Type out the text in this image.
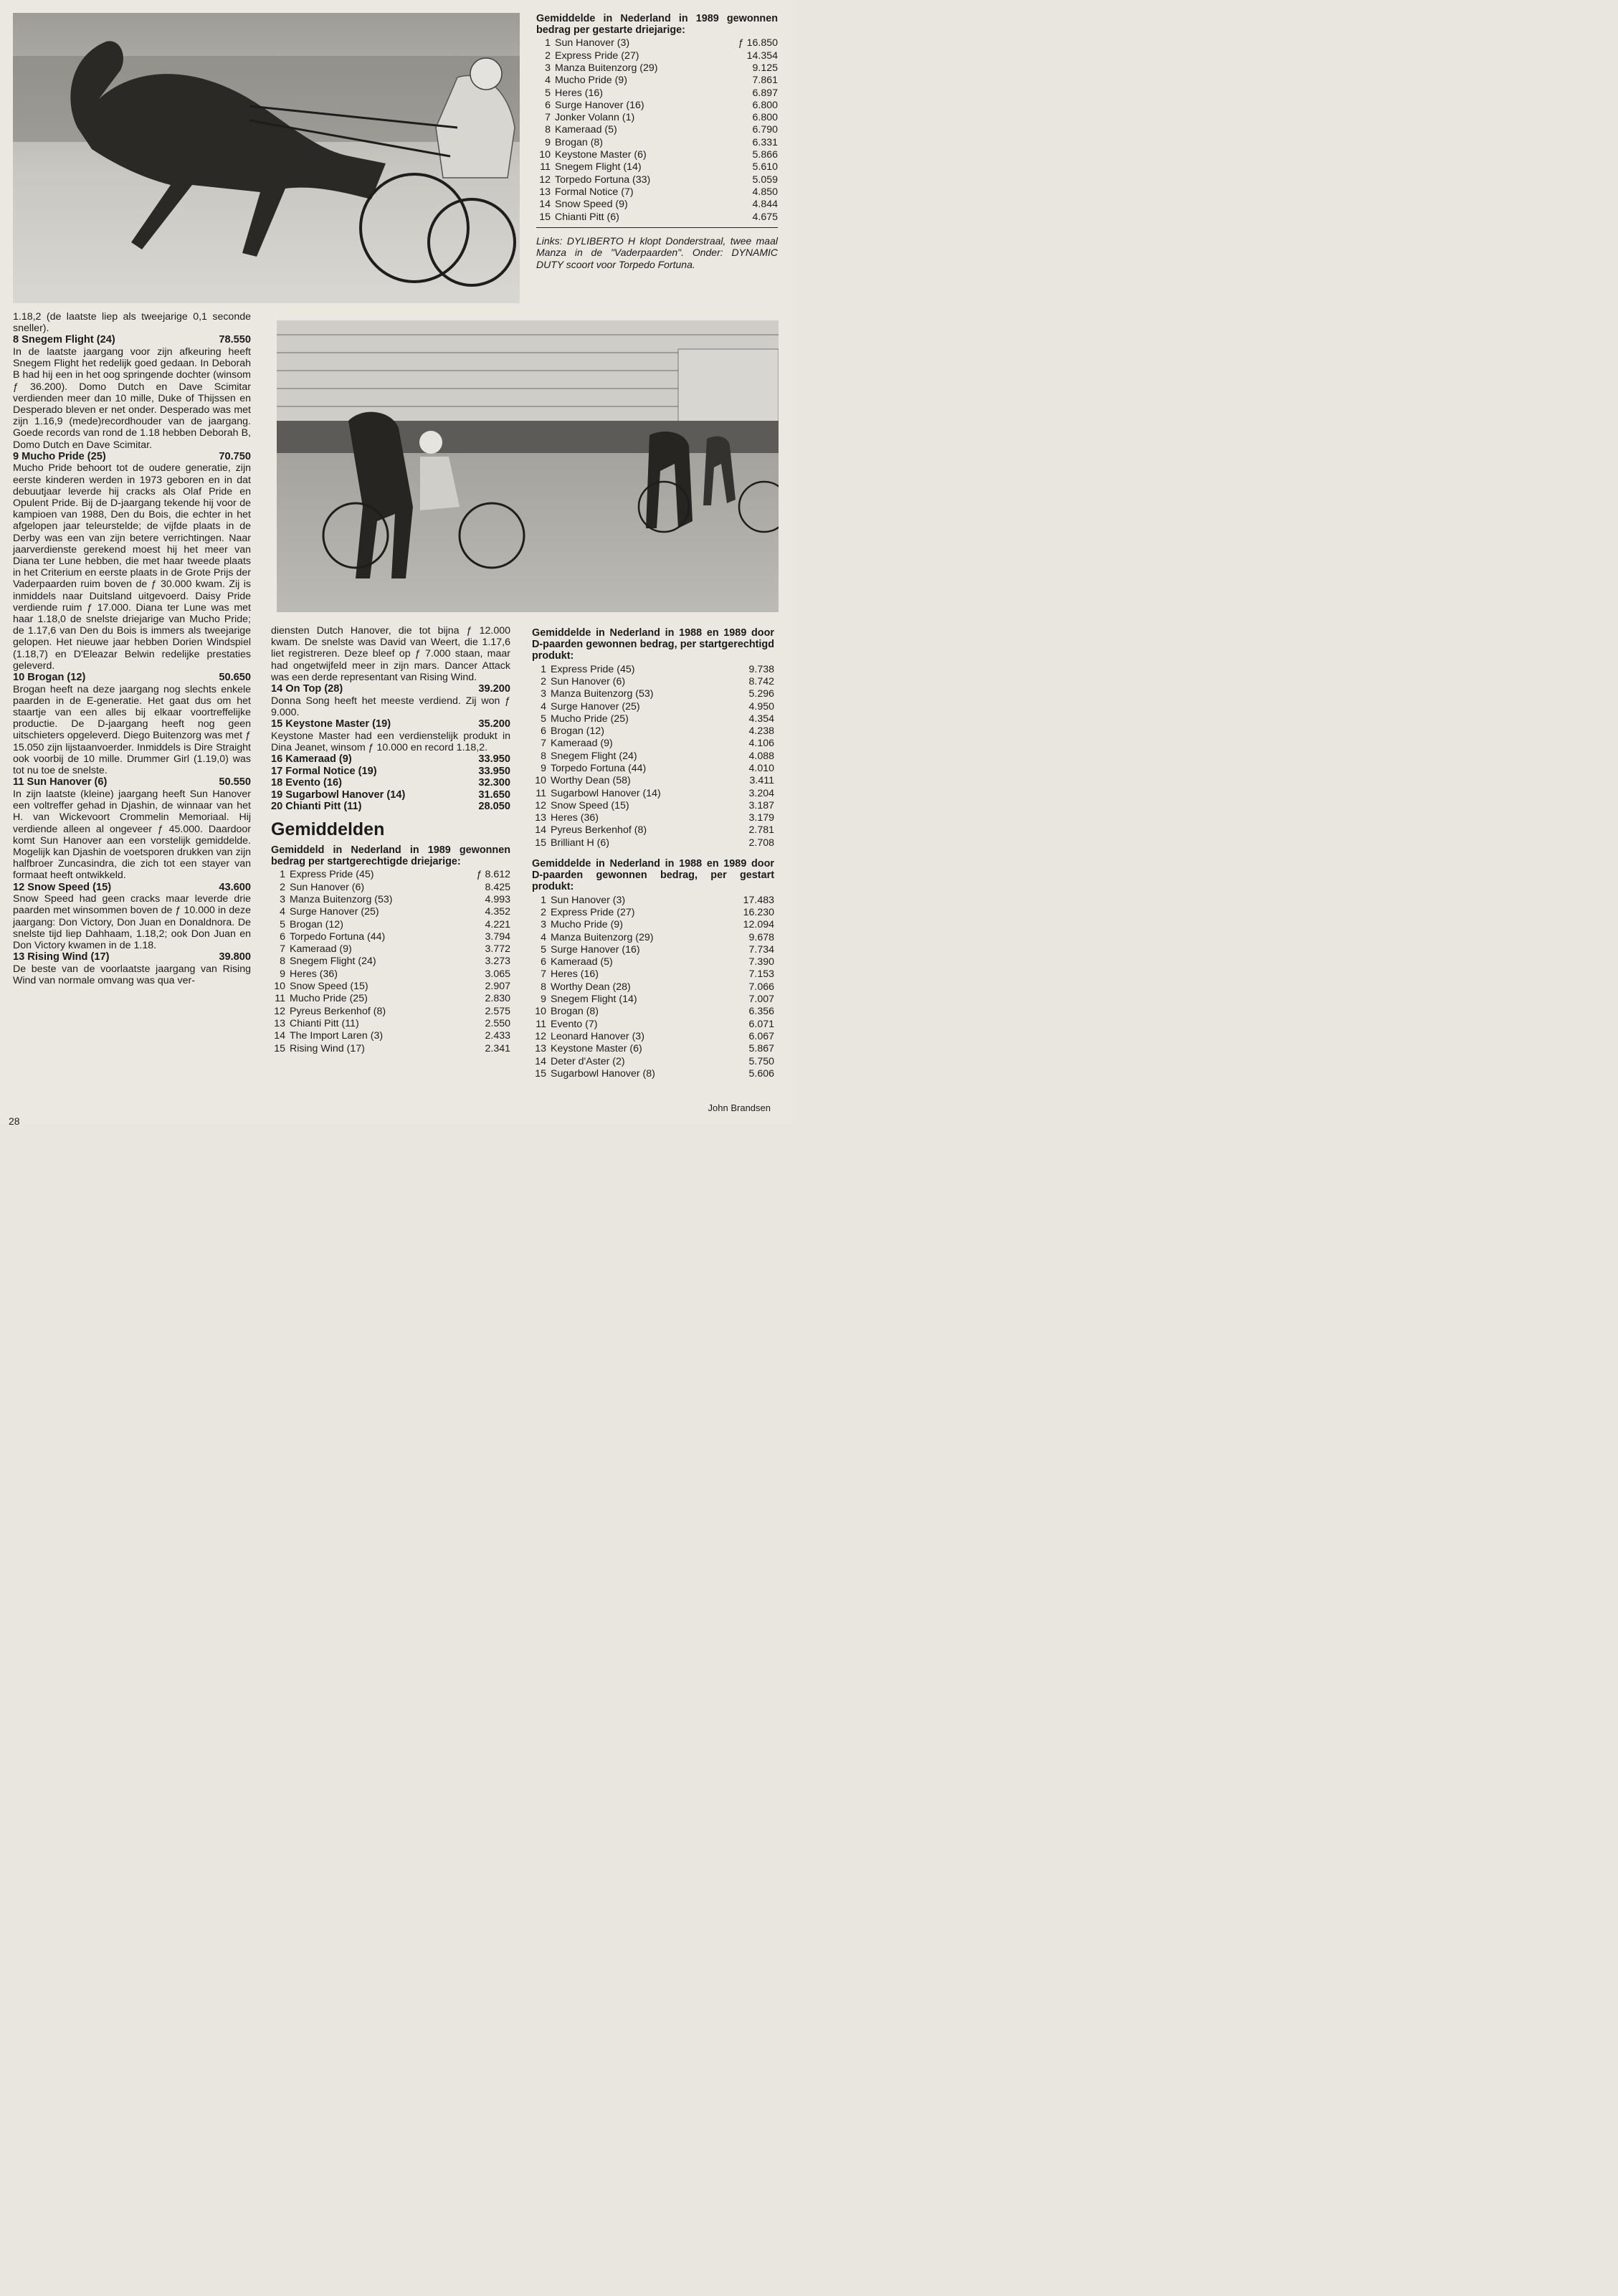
Gemiddelde in Nederland in 1989 gewonnen bedrag per gestarte driejarige:
1 Sun Hanover (3)	ƒ 16.850
2 Express Pride (27)	14.354
3 Manza Buitenzorg (29)	9.125
4 Mucho Pride (9)	7.861
5 Heres (16)	6.897
6 Surge Hanover (16)	6.800
7 Jonker Volann (1)	6.800
8 Kameraad (5)	6.790
9 Brogan (8)	6.331
10 Keystone Master (6)	5.866
11 Snegem Flight (14)	5.610
12 Torpedo Fortuna (33)	5.059
13 Formal Notice (7)	4.850
14 Snow Speed (9)	4.844
15 Chianti Pitt (6)	4.675
Links: DYLIBERTO H klopt Donderstraal, twee maal Manza in de "Vaderpaarden". Onder: DYNAMIC DUTY scoort voor Torpedo Fortuna.

1.18,2 (de laatste liep als tweejarige 0,1 seconde sneller).

8 Snegem Flight (24)	78.550

In de laatste jaargang voor zijn afkeuring heeft Snegem Flight het redelijk goed gedaan. In Deborah B had hij een in het oog springende dochter (winsom ƒ 36.200). Domo Dutch en Dave Scimitar verdienden meer dan 10 mille, Duke of Thijssen en Desperado bleven er net onder. Desperado was met zijn 1.16,9 (mede)recordhouder van de jaargang. Goede records van rond de 1.18 hebben Deborah B, Domo Dutch en Dave Scimitar.

9 Mucho Pride (25)	70.750

Mucho Pride behoort tot de oudere generatie, zijn eerste kinderen werden in 1973 geboren en in dat debuutjaar leverde hij cracks als Olaf Pride en Opulent Pride. Bij de D-jaargang tekende hij voor de kampioen van 1988, Den du Bois, die echter in het afgelopen jaar teleurstelde; de vijfde plaats in de Derby was een van zijn betere verrichtingen. Naar jaarverdienste gerekend moest hij het meer van Diana ter Lune hebben, die met haar tweede plaats in het Criterium en eerste plaats in de Grote Prijs der Vaderpaarden ruim boven de ƒ 30.000 kwam. Zij is inmiddels naar Duitsland uitgevoerd. Daisy Pride verdiende ruim ƒ 17.000. Diana ter Lune was met haar 1.18,0 de snelste driejarige van Mucho Pride; de 1.17,6 van Den du Bois is immers als tweejarige gelopen. Het nieuwe jaar hebben Dorien Windspiel (1.18,7) en D'Eleazar Belwin redelijke prestaties geleverd.

10 Brogan (12)	50.650

Brogan heeft na deze jaargang nog slechts enkele paarden in de E-generatie. Het gaat dus om het staartje van een alles bij elkaar voortreffelijke productie. De D-jaargang heeft nog geen uitschieters opgeleverd. Diego Buitenzorg was met ƒ 15.050 zijn lijstaanvoerder. Inmiddels is Dire Straight ook voorbij de 10 mille. Drummer Girl (1.19,0) was tot nu toe de snelste.

11 Sun Hanover (6)	50.550

In zijn laatste (kleine) jaargang heeft Sun Hanover een voltreffer gehad in Djashin, de winnaar van het H. van Wickevoort Crommelin Memoriaal. Hij verdiende alleen al ongeveer ƒ 45.000. Daardoor komt Sun Hanover aan een vorstelijk gemiddelde. Mogelijk kan Djashin de voetsporen drukken van zijn halfbroer Zuncasindra, die zich tot een stayer van formaat heeft ontwikkeld.

12 Snow Speed (15)	43.600

Snow Speed had geen cracks maar leverde drie paarden met winsommen boven de ƒ 10.000 in deze jaargang: Don Victory, Don Juan en Donaldnora. De snelste tijd liep Dahhaam, 1.18,2; ook Don Juan en Don Victory kwamen in de 1.18.

13 Rising Wind (17)	39.800

De beste van de voorlaatste jaargang van Rising Wind van normale omvang was qua ver-

diensten Dutch Hanover, die tot bijna ƒ 12.000 kwam. De snelste was David van Weert, die 1.17,6 liet registreren. Deze bleef op ƒ 7.000 staan, maar had ongetwijfeld meer in zijn mars. Dancer Attack was een derde representant van Rising Wind.

14 On Top (28)	39.200

Donna Song heeft het meeste verdiend. Zij won ƒ 9.000.

15 Keystone Master (19)	35.200

Keystone Master had een verdienstelijk produkt in Dina Jeanet, winsom ƒ 10.000 en record 1.18,2.

16 Kameraad (9)	33.950
17 Formal Notice (19)	33.950
18 Evento (16)	32.300
19 Sugarbowl Hanover (14)	31.650
20 Chianti Pitt (11)	28.050
Gemiddelden
Gemiddeld in Nederland in 1989 gewonnen bedrag per startgerechtigde driejarige:
1 Express Pride (45)	ƒ 8.612
2 Sun Hanover (6)	8.425
3 Manza Buitenzorg (53)	4.993
4 Surge Hanover (25)	4.352
5 Brogan (12)	4.221
6 Torpedo Fortuna (44)	3.794
7 Kameraad (9)	3.772
8 Snegem Flight (24)	3.273
9 Heres (36)	3.065
10 Snow Speed (15)	2.907
11 Mucho Pride (25)	2.830
12 Pyreus Berkenhof (8)	2.575
13 Chianti Pitt (11)	2.550
14 The Import Laren (3)	2.433
15 Rising Wind (17)	2.341
Gemiddelde in Nederland in 1988 en 1989 door D-paarden gewonnen bedrag, per startgerechtigd produkt:
1 Express Pride (45)	9.738
2 Sun Hanover (6)	8.742
3 Manza Buitenzorg (53)	5.296
4 Surge Hanover (25)	4.950
5 Mucho Pride (25)	4.354
6 Brogan (12)	4.238
7 Kameraad (9)	4.106
8 Snegem Flight (24)	4.088
9 Torpedo Fortuna (44)	4.010
10 Worthy Dean (58)	3.411
11 Sugarbowl Hanover (14)	3.204
12 Snow Speed (15)	3.187
13 Heres (36)	3.179
14 Pyreus Berkenhof (8)	2.781
15 Brilliant H (6)	2.708
Gemiddelde in Nederland in 1988 en 1989 door D-paarden gewonnen bedrag, per gestart produkt:
1 Sun Hanover (3)	17.483
2 Express Pride (27)	16.230
3 Mucho Pride (9)	12.094
4 Manza Buitenzorg (29)	9.678
5 Surge Hanover (16)	7.734
6 Kameraad (5)	7.390
7 Heres (16)	7.153
8 Worthy Dean (28)	7.066
9 Snegem Flight (14)	7.007
10 Brogan (8)	6.356
11 Evento (7)	6.071
12 Leonard Hanover (3)	6.067
13 Keystone Master (6)	5.867
14 Deter d'Aster (2)	5.750
15 Sugarbowl Hanover (8)	5.606
John Brandsen
28
